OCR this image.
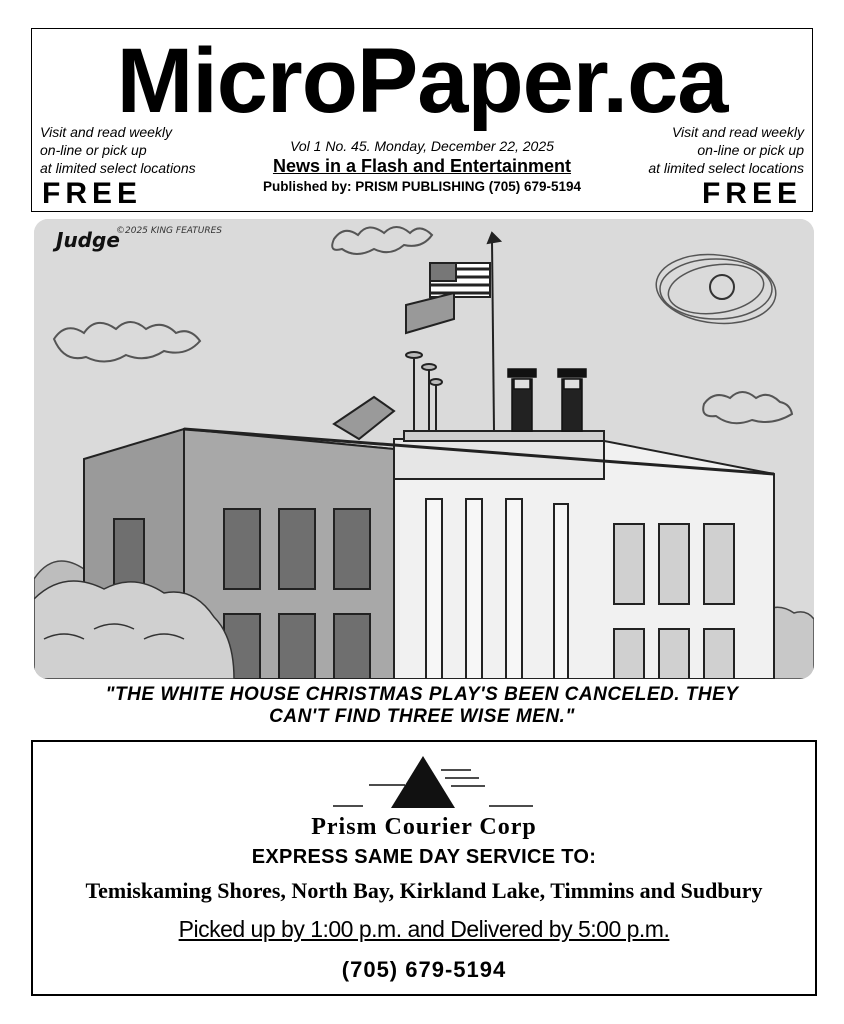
MicroPaper.ca
Visit and read weekly
on-line or pick up
at limited select locations
FREE
Visit and read weekly
on-line or pick up
at limited select locations
FREE
Vol 1 No. 45. Monday, December 22, 2025
News in a Flash and Entertainment
Published by: PRISM PUBLISHING (705) 679-5194
Judge
©2025 KING FEATURES
"THE WHITE HOUSE CHRISTMAS PLAY'S BEEN CANCELED. THEY
CAN'T FIND THREE WISE MEN."
Prism Courier Corp
EXPRESS SAME DAY SERVICE TO:
Temiskaming Shores, North Bay, Kirkland Lake, Timmins and Sudbury
Picked up by 1:00 p.m. and Delivered by 5:00 p.m.
(705) 679-5194
